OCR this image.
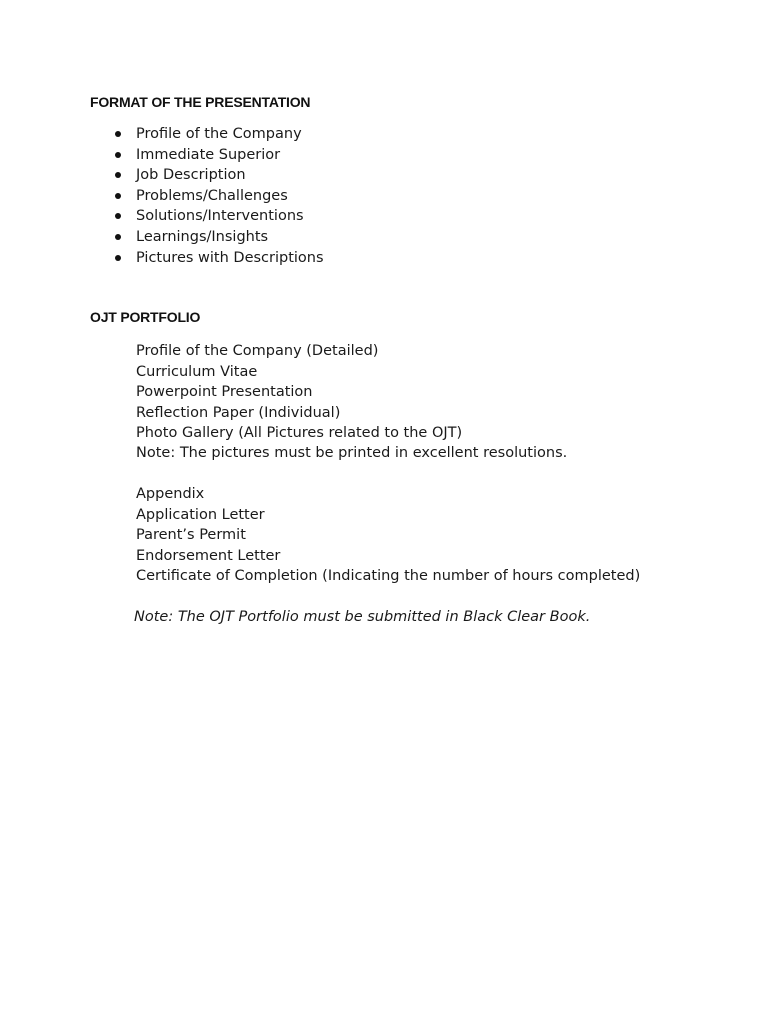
FORMAT OF THE PRESENTATION
Profile of the Company
Immediate Superior
Job Description
Problems/Challenges
Solutions/Interventions
Learnings/Insights
Pictures with Descriptions
OJT PORTFOLIO
Profile of the Company (Detailed)
Curriculum Vitae
Powerpoint Presentation
Reflection Paper (Individual)
Photo Gallery (All Pictures related to the OJT)
Note: The pictures must be printed in excellent resolutions.
Appendix
Application Letter
Parent’s Permit
Endorsement Letter
Certificate of Completion (Indicating the number of hours completed)
Note: The OJT Portfolio must be submitted in Black Clear Book.
